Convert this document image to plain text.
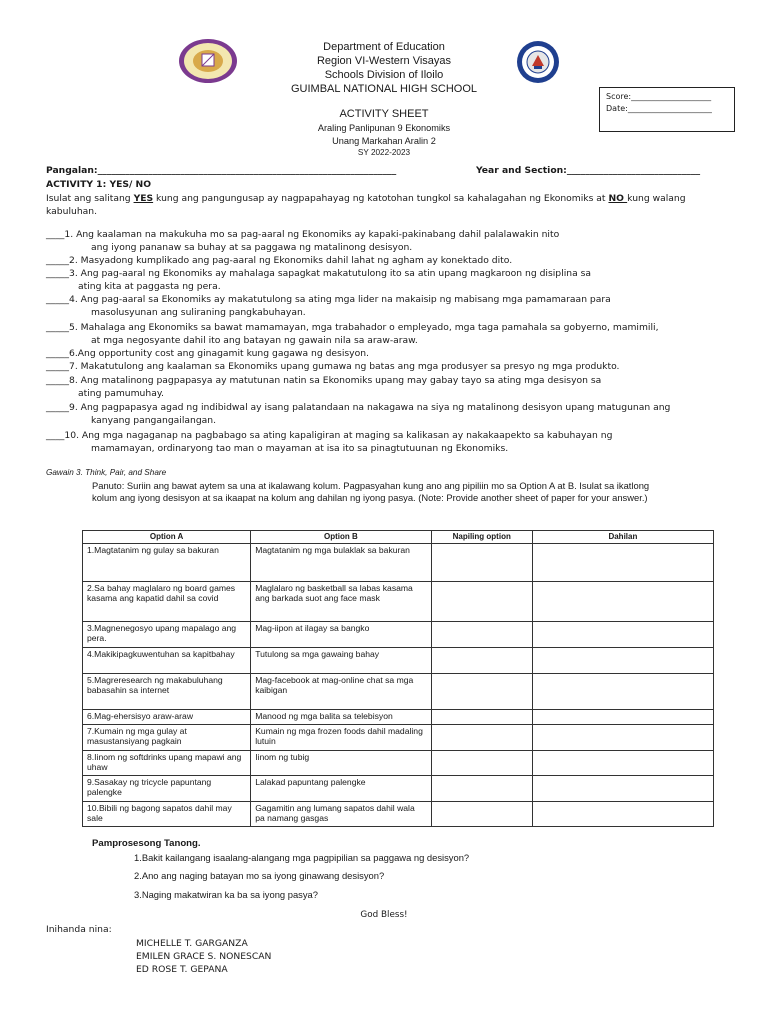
Department of Education
Region VI-Western Visayas
Schools Division of Iloilo
GUIMBAL NATIONAL HIGH SCHOOL
ACTIVITY SHEET
Araling Panlipunan 9 Ekonomiks
Unang Markahan Aralin 2
SY 2022-2023
Score:____________________
Date:_____________________
Pangalan:_________________________________________________________________	Year and Section:_____________________________
ACTIVITY 1: YES/ NO
Isulat ang salitang YES kung ang pangungusap ay nagpapahayag ng katotohan tungkol sa kahalagahan ng Ekonomiks at NO kung walang kabuluhan.
____1. Ang kaalaman na makukuha mo sa pag-aaral ng Ekonomiks ay kapaki-pakinabang dahil palalawakin nito
ang iyong pananaw sa buhay at sa paggawa ng matalinong desisyon.
_____2. Masyadong kumplikado ang pag-aaral ng Ekonomiks dahil lahat ng agham ay konektado dito.
_____3. Ang pag-aaral ng Ekonomiks ay mahalaga sapagkat makatutulong ito sa atin upang magkaroon ng disiplina sa
ating kita at paggasta ng pera.
_____4. Ang pag-aaral sa Ekonomiks ay makatutulong sa ating mga lider na makaisip ng mabisang mga pamamaraan para
masolusyunan ang suliraning pangkabuhayan.
_____5. Mahalaga ang Ekonomiks sa bawat mamamayan, mga trabahador o empleyado, mga taga pamahala sa gobyerno, mamimili,
at mga negosyante dahil ito ang batayan ng gawain nila sa araw-araw.
_____6.Ang opportunity cost ang ginagamit kung gagawa ng desisyon.
_____7. Makatutulong ang kaalaman sa Ekonomiks upang gumawa ng batas ang mga produsyer sa presyo ng mga produkto.
_____8. Ang matalinong pagpapasya ay matutunan natin sa Ekonomiks upang may gabay tayo sa ating mga desisyon sa
ating pamumuhay.
_____9. Ang pagpapasya agad ng indibidwal ay isang palatandaan na nakagawa na siya ng matalinong desisyon upang matugunan ang
kanyang pangangailangan.
____10. Ang mga nagaganap na pagbabago sa ating kapaligiran at maging sa kalikasan ay nakakaapekto sa kabuhayan ng
mamamayan, ordinaryong tao man o mayaman at isa ito sa pinagtutuunan ng Ekonomiks.
Gawain 3. Think, Pair, and Share
Panuto: Suriin ang bawat aytem sa una at ikalawang kolum. Pagpasyahan kung ano ang pipiliin mo sa Option A at B. Isulat sa ikatlong kolum ang iyong desisyon at sa ikaapat na kolum ang dahilan ng iyong pasya. (Note: Provide another sheet of paper for your answer.)
Option A	Option B	Napiling option	Dahilan
1.Magtatanim ng gulay sa bakuran	Magtatanim ng mga bulaklak sa bakuran		
2.Sa bahay maglalaro ng board games kasama ang kapatid dahil sa covid	Maglalaro ng basketball sa labas kasama ang barkada suot ang face mask		
3.Magnenegosyo upang mapalago ang pera.	Mag-iipon at ilagay sa bangko		
4.Makikipagkuwentuhan sa kapitbahay	Tutulong sa mga gawaing bahay		
5.Magreresearch ng makabuluhang babasahin sa internet	Mag-facebook at mag-online chat sa mga kaibigan		
6.Mag-ehersisyo araw-araw	Manood ng mga balita sa telebisyon		
7.Kumain ng mga gulay at masustansiyang pagkain	Kumain ng mga frozen foods dahil madaling lutuin		
8.Iinom ng softdrinks upang mapawi ang uhaw	Iinom ng tubig		
9.Sasakay ng tricycle papuntang palengke	Lalakad papuntang palengke		
10.Bibili ng bagong sapatos dahil may sale	Gagamitin ang lumang sapatos dahil wala pa namang gasgas		
Pamprosesong Tanong.
1.Bakit kailangang isaalang-alangang mga pagpipilian sa paggawa ng desisyon?
2.Ano ang naging batayan mo sa iyong ginawang desisyon?
3.Naging makatwiran ka ba sa iyong pasya?
God Bless!
Inihanda nina:
MICHELLE T. GARGANZA
EMILEN GRACE S. NONESCAN
ED ROSE T. GEPANA
